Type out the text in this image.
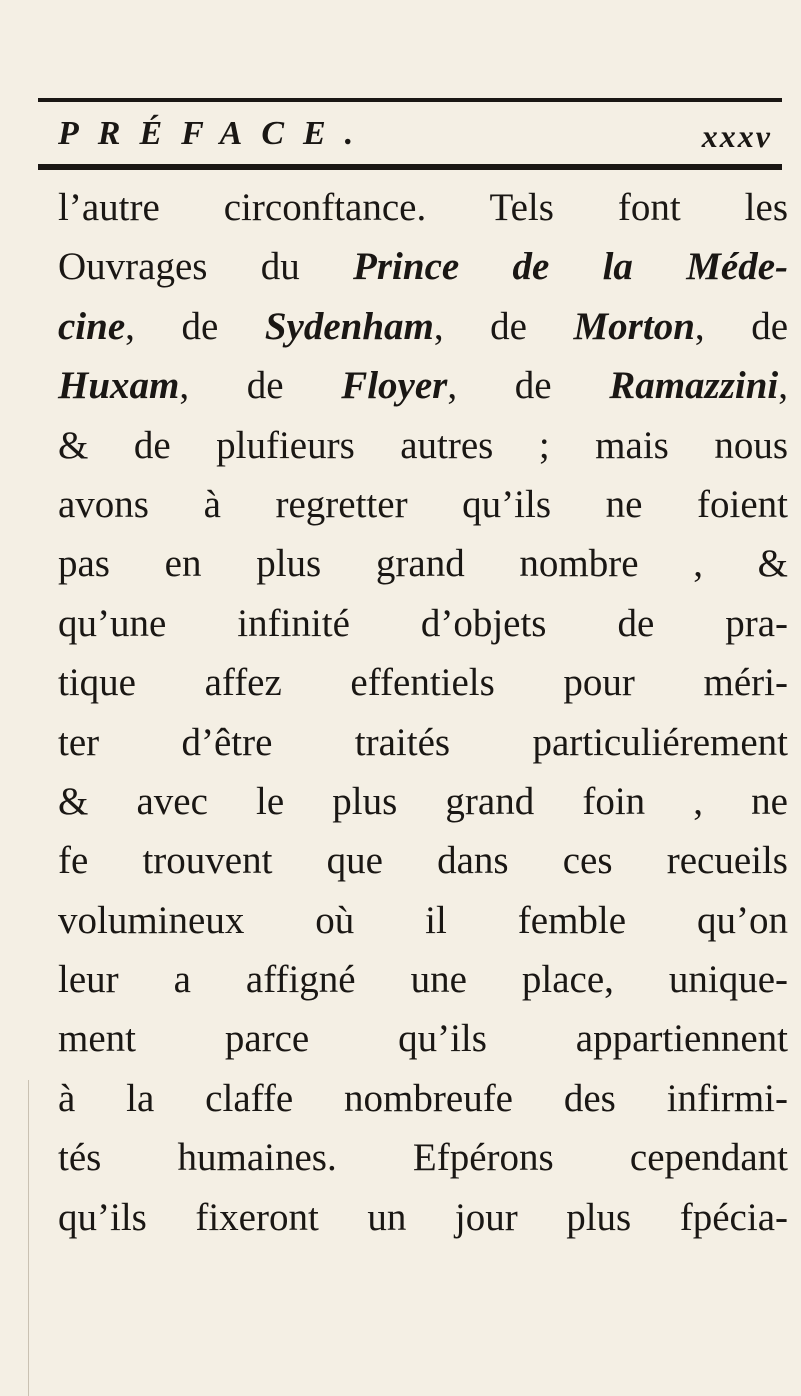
PRÉFACE.	xxxv
l’autre circonftance. Tels font les
Ouvrages du Prince de la Méde-
cine, de Sydenham, de Morton, de
Huxam, de Floyer, de Ramazzini,
& de plufieurs autres ; mais nous
avons à regretter qu’ils ne foient
pas en plus grand nombre , &
qu’une infinité d’objets de pra-
tique affez effentiels pour méri-
ter d’être traités particuliérement
& avec le plus grand foin , ne
fe trouvent que dans ces recueils
volumineux où il femble qu’on
leur a affigné une place, unique-
ment parce qu’ils appartiennent
à la claffe nombreufe des infirmi-
tés humaines. Efpérons cependant
qu’ils fixeront un jour plus fpécia-
